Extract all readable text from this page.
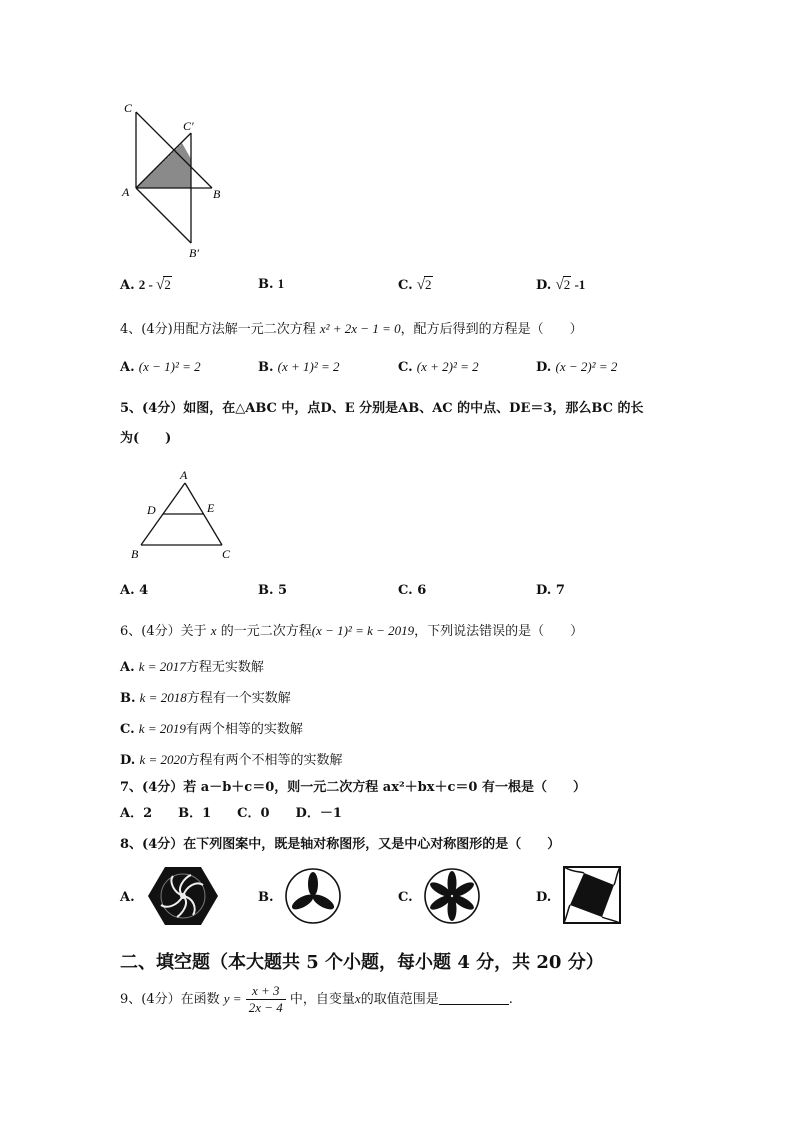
C
C′
A	B
B′
A. 2 - √2	B. 1	C. √2	D. √2 -1
4、(4分)用配方法解一元二次方程 x² + 2x − 1 = 0，配方后得到的方程是（　　）
A. (x − 1)² = 2	B. (x + 1)² = 2	C. (x + 2)² = 2	D. (x − 2)² = 2
5、(4分）如图，在△ABC 中，点D、E 分别是AB、AC 的中点、DE＝3，那么BC 的长
为(　　)
A
D	E
B	C
A. 4	B. 5	C. 6	D. 7
6、(4分）关于 x 的一元二次方程(x − 1)² = k − 2019，下列说法错误的是（　　）
A. k = 2017方程无实数解
B. k = 2018方程有一个实数解
C. k = 2019有两个相等的实数解
D. k = 2020方程有两个不相等的实数解
7、(4分）若 a－b＋c＝0，则一元二次方程 ax²＋bx＋c＝0 有一根是（　　）
A．2　　B．1　　C．0　　D．－1
8、(4分）在下列图案中，既是轴对称图形，又是中心对称图形的是（　　）
A.	B.	C.	D.
二、填空题（本大题共 5 个小题，每小题 4 分，共 20 分）
9、(4分）在函数 $y = \frac{x + 3}{2x - 4}$ 中，自变量x的取值范围是	.
